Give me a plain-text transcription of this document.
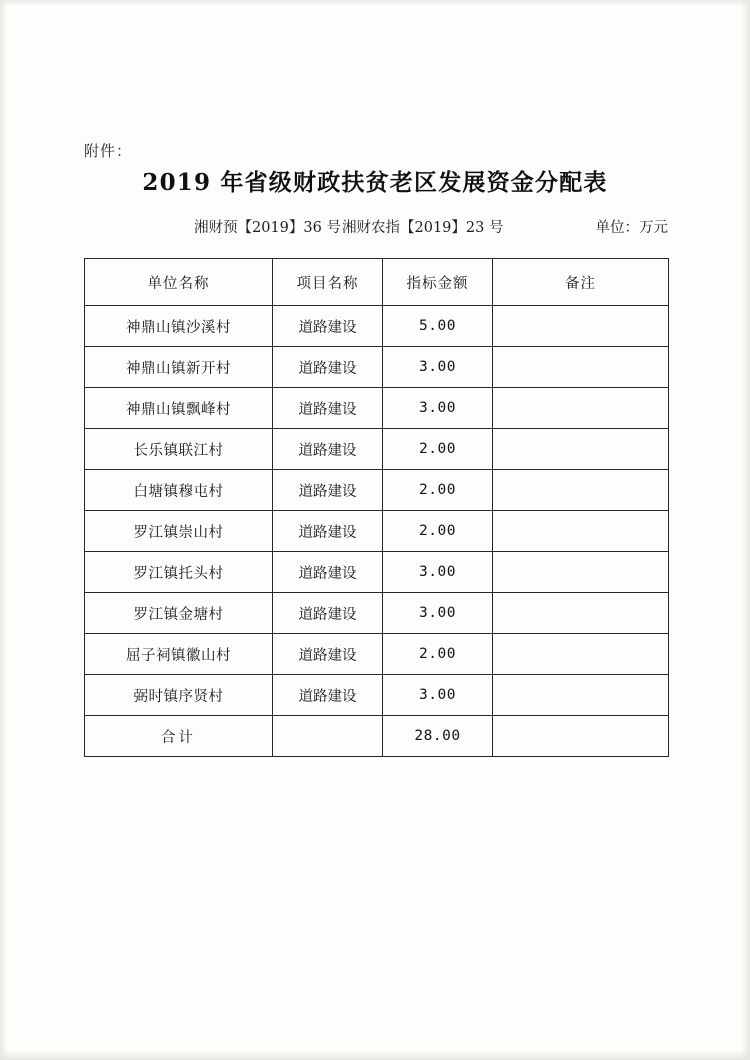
附件：
2019 年省级财政扶贫老区发展资金分配表
湘财预【2019】36 号 湘财农指【2019】23 号	单位：万元
单位名称	项目名称	指标金额	备注
神鼎山镇沙溪村	道路建设	5.00	
神鼎山镇新开村	道路建设	3.00	
神鼎山镇飘峰村	道路建设	3.00	
长乐镇联江村	道路建设	2.00	
白塘镇穆屯村	道路建设	2.00	
罗江镇崇山村	道路建设	2.00	
罗江镇托头村	道路建设	3.00	
罗江镇金塘村	道路建设	3.00	
屈子祠镇徽山村	道路建设	2.00	
弼时镇序贤村	道路建设	3.00	
合计		28.00	
